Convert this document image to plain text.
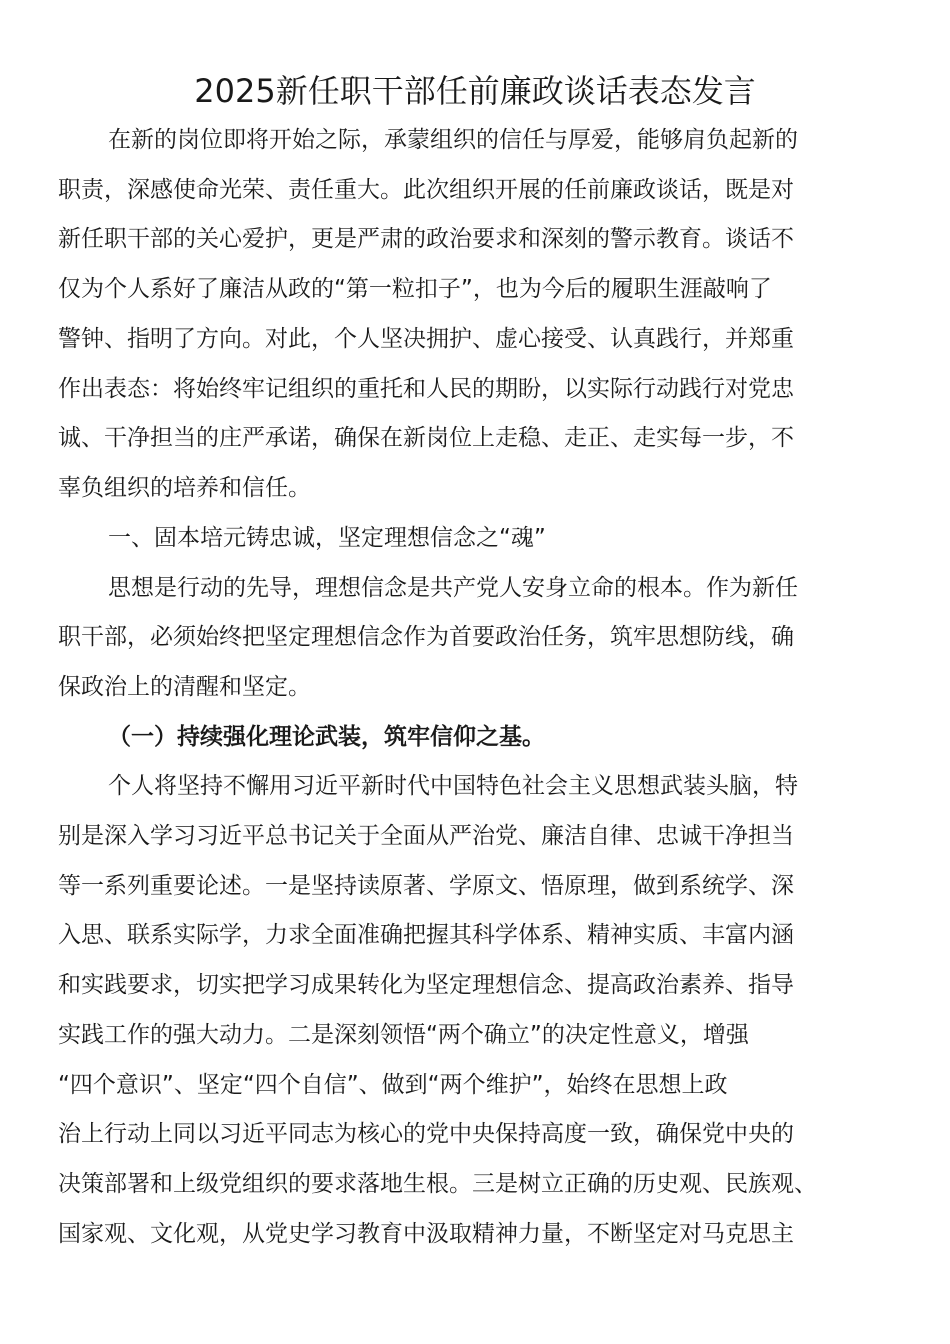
2025新任职干部任前廉政谈话表态发言
在新的岗位即将开始之际，承蒙组织的信任与厚爱，能够肩负起新的
职责，深感使命光荣、责任重大。此次组织开展的任前廉政谈话，既是对
新任职干部的关心爱护，更是严肃的政治要求和深刻的警示教育。谈话不
仅为个人系好了廉洁从政的“第一粒扣子”，也为今后的履职生涯敲响了
警钟、指明了方向。对此，个人坚决拥护、虚心接受、认真践行，并郑重
作出表态：将始终牢记组织的重托和人民的期盼，以实际行动践行对党忠
诚、干净担当的庄严承诺，确保在新岗位上走稳、走正、走实每一步，不
辜负组织的培养和信任。
一、固本培元铸忠诚，坚定理想信念之“魂”
思想是行动的先导，理想信念是共产党人安身立命的根本。作为新任
职干部，必须始终把坚定理想信念作为首要政治任务，筑牢思想防线，确
保政治上的清醒和坚定。
（一）持续强化理论武装，筑牢信仰之基。
个人将坚持不懈用习近平新时代中国特色社会主义思想武装头脑，特
别是深入学习习近平总书记关于全面从严治党、廉洁自律、忠诚干净担当
等一系列重要论述。一是坚持读原著、学原文、悟原理，做到系统学、深
入思、联系实际学，力求全面准确把握其科学体系、精神实质、丰富内涵
和实践要求，切实把学习成果转化为坚定理想信念、提高政治素养、指导
实践工作的强大动力。二是深刻领悟“两个确立”的决定性意义，增强
“四个意识”、坚定“四个自信”、做到“两个维护”，始终在思想上政
治上行动上同以习近平同志为核心的党中央保持高度一致，确保党中央的
决策部署和上级党组织的要求落地生根。三是树立正确的历史观、民族观、
国家观、文化观，从党史学习教育中汲取精神力量，不断坚定对马克思主
